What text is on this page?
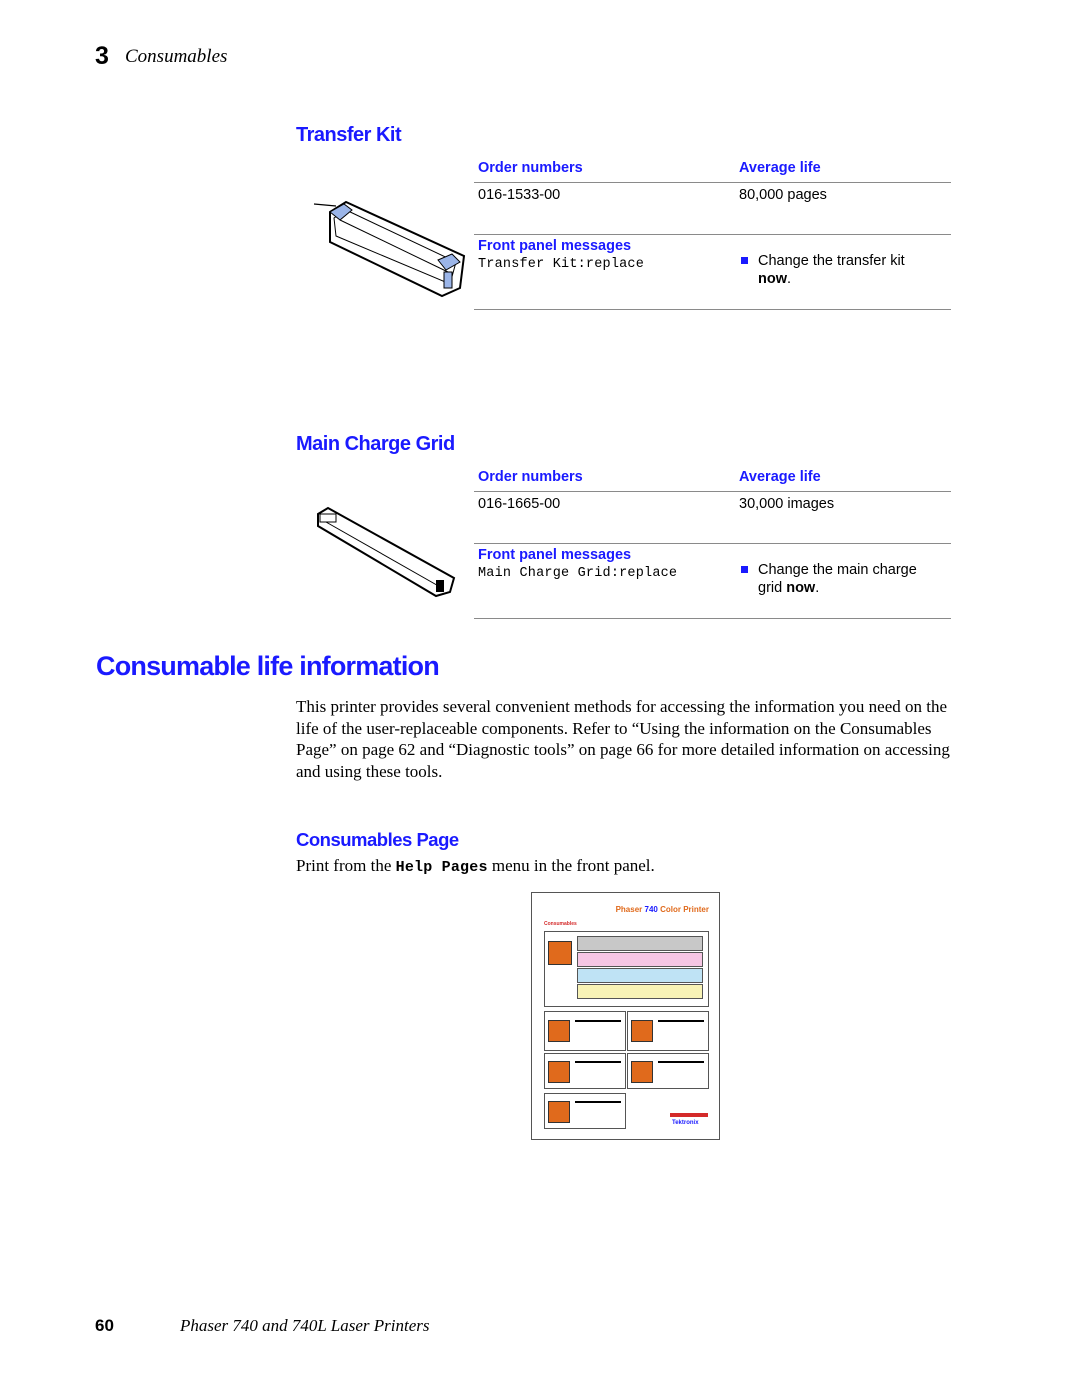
3 Consumables
Transfer Kit
Order numbers	Average life
016-1533-00	80,000 pages
Front panel messages
Transfer Kit:replace	Change the transfer kit
now.
Main Charge Grid
Order numbers	Average life
016-1665-00	30,000 images
Front panel messages
Main Charge Grid:replace	Change the main charge
grid now.
Consumable life information
This printer provides several convenient methods for accessing the information you need on the life of the user-replaceable components. Refer to “Using the information on the Consumables Page” on page 62 and “Diagnostic tools” on page 66 for more detailed information on accessing and using these tools.
Consumables Page
Print from the Help Pages menu in the front panel.
Phaser 740 Color Printer
Consumables
Tektronix
60	Phaser 740 and 740L Laser Printers
